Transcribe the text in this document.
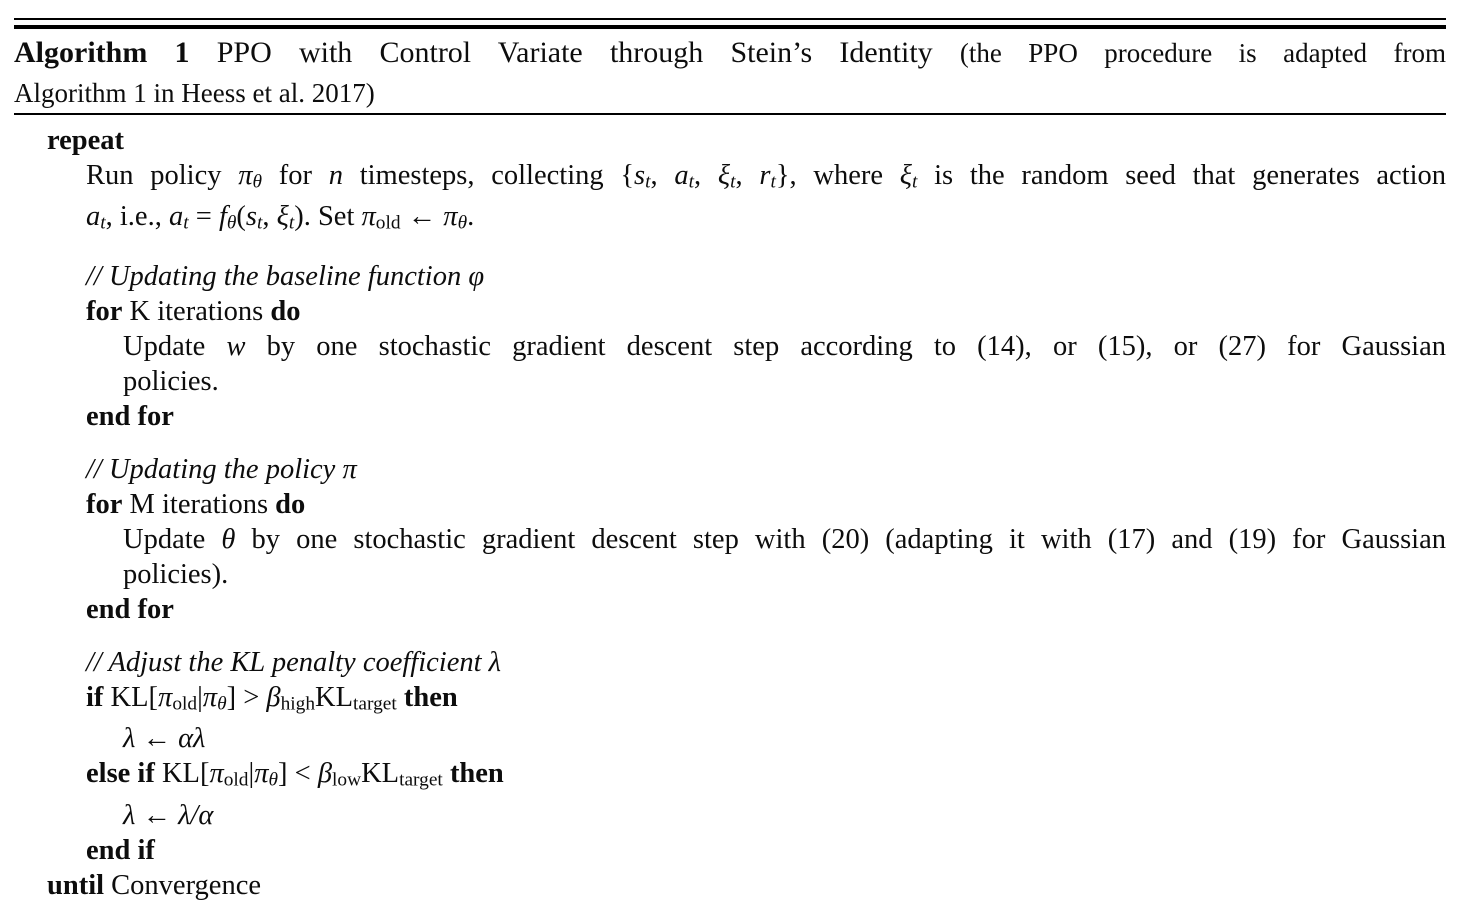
Algorithm 1 PPO with Control Variate through Stein’s Identity (the PPO procedure is adapted from
Algorithm 1 in Heess et al. 2017)
repeat
Run policy πθ for n timesteps, collecting {st, at, ξt, rt}, where ξt is the random seed that generates action
at, i.e., at = fθ(st, ξt). Set πold ← πθ.
// Updating the baseline function φ
for K iterations do
Update w by one stochastic gradient descent step according to (14), or (15), or (27) for Gaussian
policies.
end for
// Updating the policy π
for M iterations do
Update θ by one stochastic gradient descent step with (20) (adapting it with (17) and (19) for Gaussian
policies).
end for
// Adjust the KL penalty coefficient λ
if KL[πold|πθ] > βhighKLtarget then
λ ← αλ
else if KL[πold|πθ] < βlowKLtarget then
λ ← λ/α
end if
until Convergence
